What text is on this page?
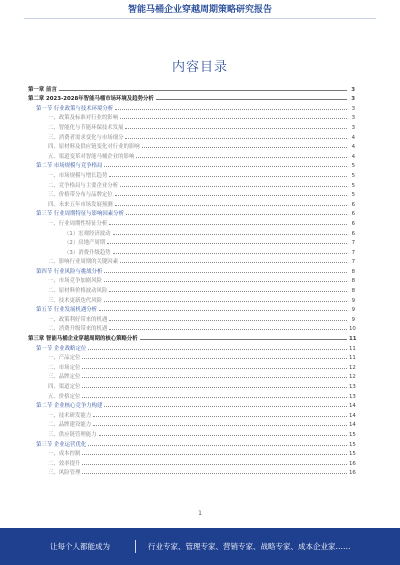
智能马桶企业穿越周期策略研究报告
内容目录
第一章 前言	3
第二章 2023-2028年智能马桶市场环境及趋势分析	3
第一节 行业政策与技术环境分析	3
一、政策及标准对行业的影响	3
二、智能化与节能环保技术发展	3
三、消费者需求变化与市场细分	4
四、原材料及供应链变化对行业的影响	4
五、渠道变革对智能马桶企业的影响	4
第二节 市场规模与竞争格局	5
一、市场规模与增长趋势	5
二、竞争格局与主要企业分析	5
三、价格带分布与品牌定位	5
四、未来五年市场发展预测	6
第三节 行业周期特征与影响因素分析	6
一、行业周期性特征分析	6
（1）宏观经济波动	6
（2）房地产周期	7
（3）消费升级趋势	7
二、影响行业周期的关键因素	7
第四节 行业风险与挑战分析	8
一、市场竞争加剧风险	8
二、原材料价格波动风险	8
三、技术更新迭代风险	9
第五节 行业发展机遇分析	9
一、政策利好带来的机遇	9
二、消费升级带来的机遇	10
第三章 智能马桶企业穿越周期的核心策略分析	11
第一节 企业战略定位	11
一、产品定位	11
二、市场定位	12
三、品牌定位	12
四、渠道定位	13
五、价格定位	13
第二节 企业核心竞争力构建	14
一、技术研发能力	14
二、品牌建设能力	14
三、供应链管理能力	15
第三节 企业运营优化	15
一、成本控制	15
二、效率提升	16
三、风险管理	16
1
让每个人都能成为	行业专家、管理专家、营销专家、战略专家、成本企业家……
